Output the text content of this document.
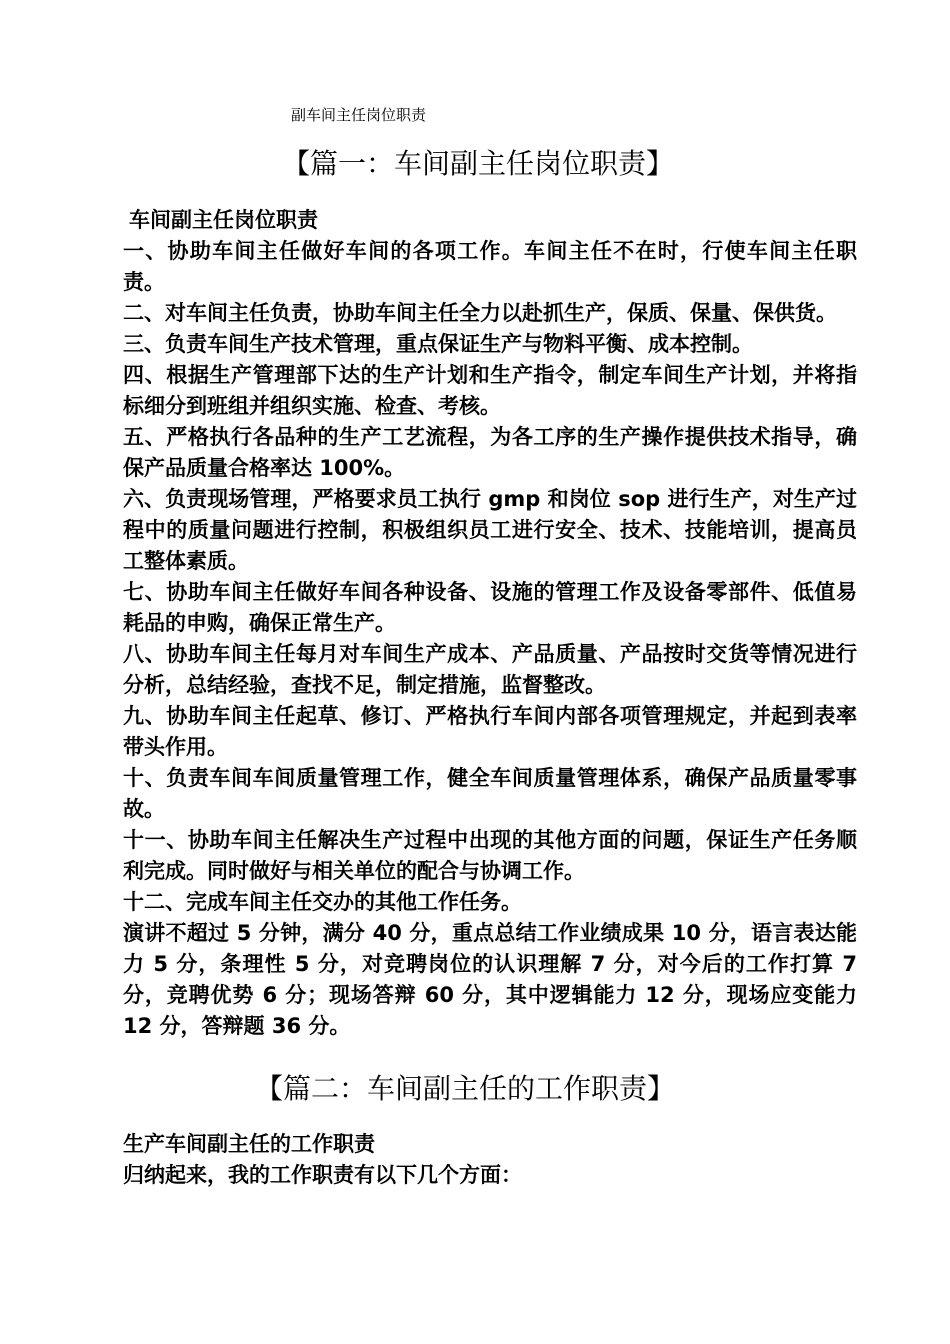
副车间主任岗位职责
【篇一：车间副主任岗位职责】

车间副主任岗位职责

一、协助车间主任做好车间的各项工作。车间主任不在时，行使车间主任职责。

二、对车间主任负责，协助车间主任全力以赴抓生产，保质、保量、保供货。

三、负责车间生产技术管理，重点保证生产与物料平衡、成本控制。

四、根据生产管理部下达的生产计划和生产指令，制定车间生产计划，并将指标细分到班组并组织实施、检查、考核。

五、严格执行各品种的生产工艺流程，为各工序的生产操作提供技术指导，确保产品质量合格率达 100%。

六、负责现场管理，严格要求员工执行 gmp 和岗位 sop 进行生产，对生产过程中的质量问题进行控制，积极组织员工进行安全、技术、技能培训，提高员工整体素质。

七、协助车间主任做好车间各种设备、设施的管理工作及设备零部件、低值易耗品的申购，确保正常生产。

八、协助车间主任每月对车间生产成本、产品质量、产品按时交货等情况进行分析，总结经验，查找不足，制定措施，监督整改。

九、协助车间主任起草、修订、严格执行车间内部各项管理规定，并起到表率带头作用。

十、负责车间车间质量管理工作，健全车间质量管理体系，确保产品质量零事故。

十一、协助车间主任解决生产过程中出现的其他方面的问题，保证生产任务顺利完成。同时做好与相关单位的配合与协调工作。

十二、完成车间主任交办的其他工作任务。

演讲不超过 5 分钟，满分 40 分，重点总结工作业绩成果 10 分，语言表达能力 5 分，条理性 5 分，对竞聘岗位的认识理解 7 分，对今后的工作打算 7 分，竞聘优势 6 分；现场答辩 60 分，其中逻辑能力 12 分，现场应变能力 12 分，答辩题 36 分。

【篇二：车间副主任的工作职责】

生产车间副主任的工作职责

归纳起来，我的工作职责有以下几个方面：
